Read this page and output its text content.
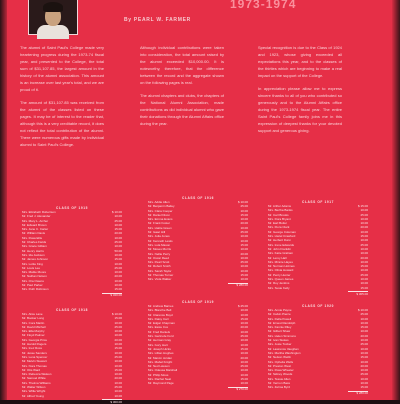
1973-1974
By PEARL W. FARMER

The alumni of Saint Paul's College made very heartening progress during the 1973-74 fiscal year, and presented to the College, the total sum of $31,107.85, the largest amount in the history of the alumni association. This amount is an increase over last year's total, and we are proud of it.

The amount of $31,107.85 was received from the alumni of the classes listed on these pages. It may be of interest to the reader that, although this is a very creditable record, it does not reflect the total contribution of the alumni. There were numerous gifts made by individual alumni to Saint Paul's College.

Although individual contributions were taken into consideration, the total amount raised by the alumni exceeded $10,000.00. It is noteworthy, therefore, that the difference between the record and the aggregate shown on the following pages is real.

The alumni chapters and clubs, the chapters of the National Alumni Association, made contributions as did individual alumni who gave their donations through the Alumni Affairs office during the year.

Special recognition is due to the Class of 1924 and 1923, whose giving exceeded all expectations this year, and to the classes of the thirties which are beginning to make a real impact on the support of the College.

In appreciation please allow me to express sincere thanks to all of you who contributed so generously and to the Alumni Affairs office during the 1973-1974 fiscal year. The entire Saint Paul's College family joins me in this expression of deepest thanks for your devoted support and generous giving.

CLASS OF 1915
Mrs. Elizabeth Robertson	$ 10.00
Mr. Fred J. Alexander	10.00
Mrs. Mary L. Archer	25.00
Mr. Edward Brown	10.00
Mrs. Jane C. Carter	15.00
Mr. William Davis	20.00
Mrs. Rosa Ellis	10.00
Mr. Charles Fields	25.00
Mrs. Grace Gilliam	10.00
Mr. Henry Harris	50.00
Mrs. Ida Jackson	10.00
Mr. James Johnson	15.00
Mrs. Lottie King	10.00
Mr. Louis Lee	25.00
Mrs. Mattie Moore	10.00
Mr. Nathan Nelson	20.00
Mrs. Ora Owens	10.00
Mr. Paul Parker	10.00
Mrs. Ruth Robinson	15.00
$ 320.00
CLASS OF 1916
Mrs. Addie Allen	$ 10.00
Mr. Benjamin Bailey	25.00
Mrs. Clara Cooper	10.00
Mr. Daniel Dixon	15.00
Mrs. Emma Evans	10.00
Mr. Frank Foster	20.00
Mrs. Hattie Green	10.00
Mr. Isaac Hill	25.00
Mrs. Julia Jones	10.00
Mr. Kenneth Lewis	10.00
Mrs. Lula Mason	15.00
Mr. Moses Morris	10.00
Mrs. Nellie Perry	20.00
Mr. Oscar Reed	10.00
Mrs. Pearl Scott	25.00
Mr. Robert Smith	10.00
Mrs. Sarah Taylor	10.00
Mr. Thomas Turner	15.00
Mrs. Viola Walker	10.00
$ 280.00
CLASS OF 1917
Mr. Arthur Adams	$ 15.00
Mrs. Bertha Banks	10.00
Mr. Carl Brooks	25.00
Mrs. Dora Bryant	10.00
Mr. Earl Butler	10.00
Mrs. Flora Clark	20.00
Mr. George Coleman	10.00
Mrs. Hazel Crawford	15.00
Mr. Herbert Dunn	10.00
Mrs. Irene Edwards	25.00
Mr. John Franklin	10.00
Mrs. Katie Graham	10.00
Mr. Leroy Hall	20.00
Mrs. Minnie Hayes	10.00
Mr. Norman Holmes	15.00
Mrs. Olivia Howard	10.00
Mr. Percy Hunter	25.00
Mrs. Queen James	10.00
Mr. Roy Jenkins	10.00
Mrs. Susie Kelly	15.00
$ 305.00
CLASS OF 1918
Mrs. Alice Lane	$ 10.00
Mr. Booker Long	15.00
Mrs. Cora Martin	10.00
Mr. David Mitchell	25.00
Mrs. Ella Murphy	10.00
Mr. Floyd Palmer	10.00
Mrs. Georgia Price	20.00
Mr. Harold Rogers	10.00
Mrs. Inez Ross	15.00
Mr. Jesse Sanders	10.00
Mrs. Lena Spencer	25.00
Mr. Melvin Stewart	10.00
Mrs. Nora Thomas	10.00
Mr. Otis Ward	15.00
Mrs. Rebecca Watson	10.00
Mr. Samuel White	20.00
Mrs. Thelma Williams	10.00
Mr. Walter Wilson	25.00
Mrs. Willie Wright	10.00
Mr. Alfred Young	10.00
$ 300.00
CLASS OF 1919
Mr. Andrew Barnes	$ 25.00
Mrs. Blanche Bell	10.00
Mr. Clarence Boyd	10.00
Mrs. Daisy Carr	15.00
Mr. Edgar Chapman	10.00
Mrs. Essie Cox	20.00
Mr. Fred Daniels	10.00
Mrs. Gertrude Ford	25.00
Mr. Herman Gray	10.00
Mrs. Ivory Hart	10.00
Mr. Joseph Hicks	15.00
Mrs. Lillian Hughes	10.00
Mr. Marvin Jordan	20.00
Mrs. Mabel Knight	10.00
Mr. Ned Lawson	25.00
Mrs. Odessa Marshall	10.00
Mr. Philip Moss	10.00
Mrs. Rachel Neal	15.00
Mr. Raymond Page	10.00
$ 270.00
CLASS OF 1920
Mrs. Annie Payne	$ 10.00
Mr. Calvin Pierce	25.00
Mrs. Della Powell	10.00
Mr. Ernest Randolph	10.00
Mrs. Fannie Riley	15.00
Mr. Gilbert Shaw	10.00
Mrs. Helen Simmons	20.00
Mr. Ivan Stokes	10.00
Mrs. Josie Tucker	25.00
Mr. Lawrence Vaughan	10.00
Mrs. Martha Washington	10.00
Mr. Nelson Webb	15.00
Mrs. Ophelia Wells	10.00
Mr. Preston West	20.00
Mrs. Rosa Wheeler	10.00
Mr. Sidney Woods	25.00
Mrs. Tessie Allen	10.00
Mr. Vernon Bass	10.00
Mrs. Zelma Byrd	15.00
$ 280.00
